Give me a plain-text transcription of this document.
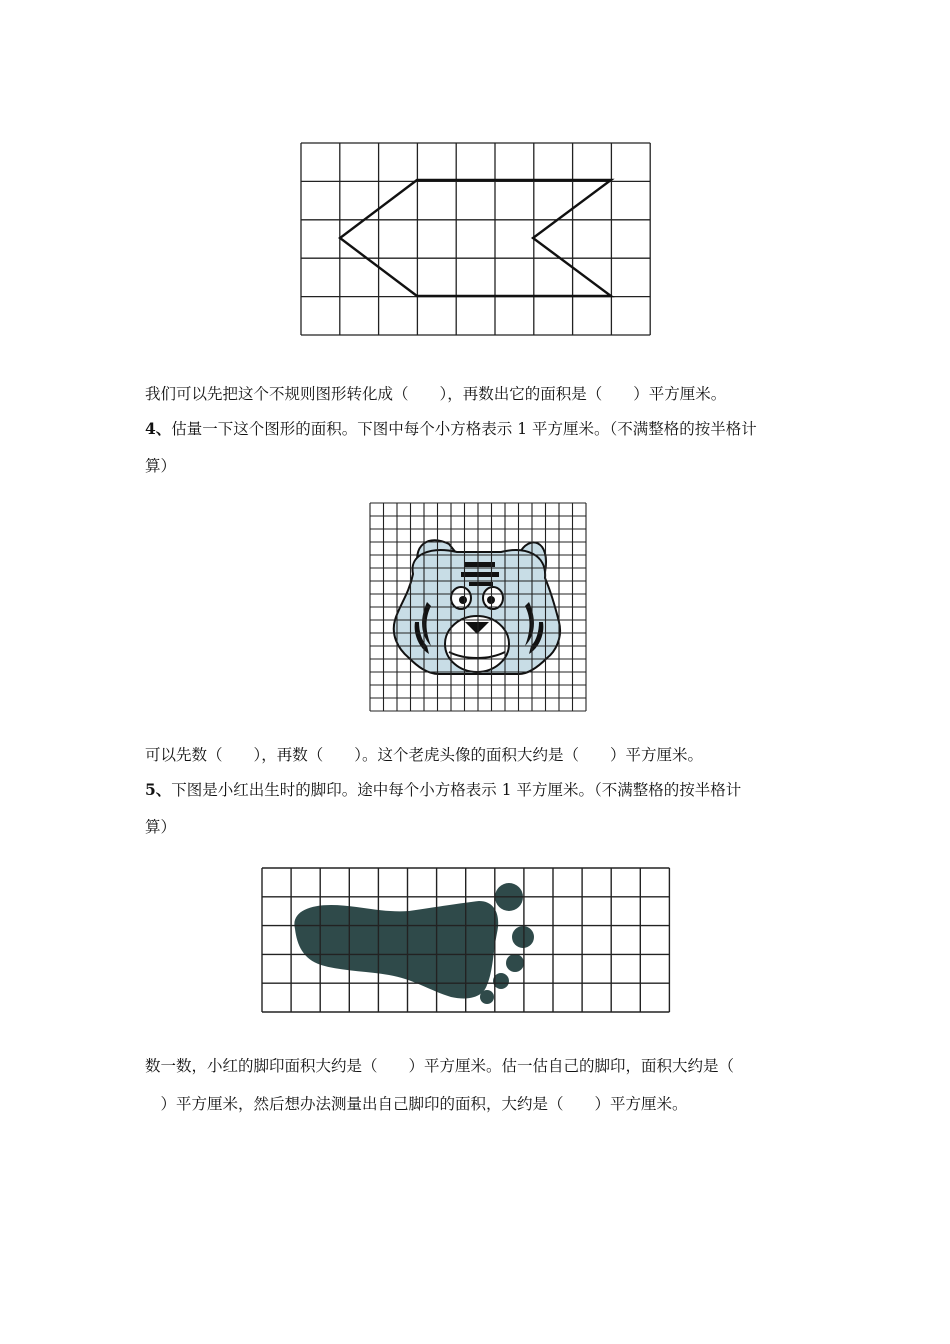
我们可以先把这个不规则图形转化成（　　），再数出它的面积是（　　）平方厘米。
4、估量一下这个图形的面积。下图中每个小方格表示 1 平方厘米。（不满整格的按半格计
算）
可以先数（　　），再数（　　）。这个老虎头像的面积大约是（　　）平方厘米。
5、下图是小红出生时的脚印。途中每个小方格表示 1 平方厘米。（不满整格的按半格计
算）
数一数，小红的脚印面积大约是（　　）平方厘米。估一估自己的脚印，面积大约是（
　）平方厘米，然后想办法测量出自己脚印的面积，大约是（　　）平方厘米。
